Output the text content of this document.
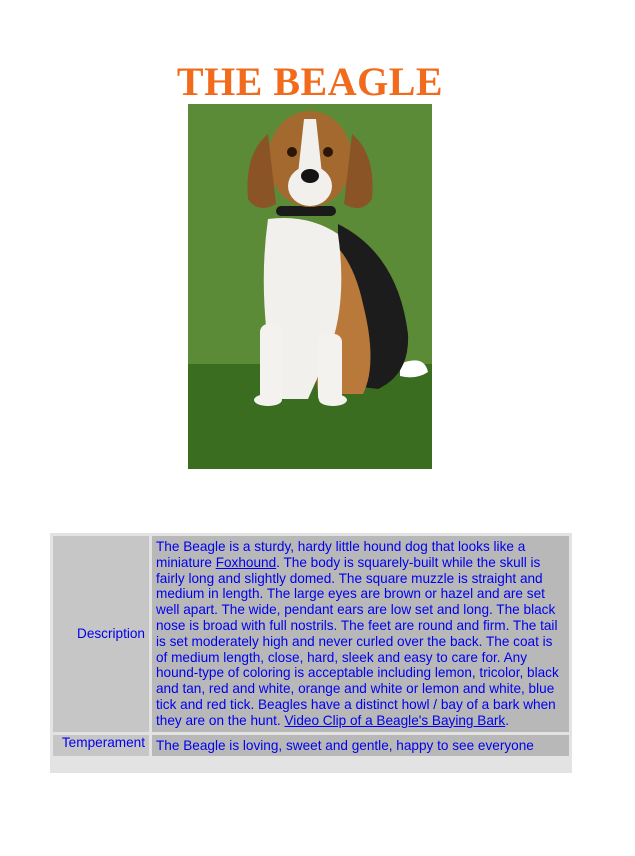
THE BEAGLE
Description	The Beagle is a sturdy, hardy little hound dog that looks like a miniature Foxhound. The body is squarely-built while the skull is fairly long and slightly domed. The square muzzle is straight and medium in length. The large eyes are brown or hazel and are set well apart. The wide, pendant ears are low set and long. The black nose is broad with full nostrils. The feet are round and firm. The tail is set moderately high and never curled over the back. The coat is of medium length, close, hard, sleek and easy to care for. Any hound-type of coloring is acceptable including lemon, tricolor, black and tan, red and white, orange and white or lemon and white, blue tick and red tick. Beagles have a distinct howl / bay of a bark when they are on the hunt. Video Clip of a Beagle's Baying Bark.
Temperament	The Beagle is loving, sweet and gentle, happy to see everyone
